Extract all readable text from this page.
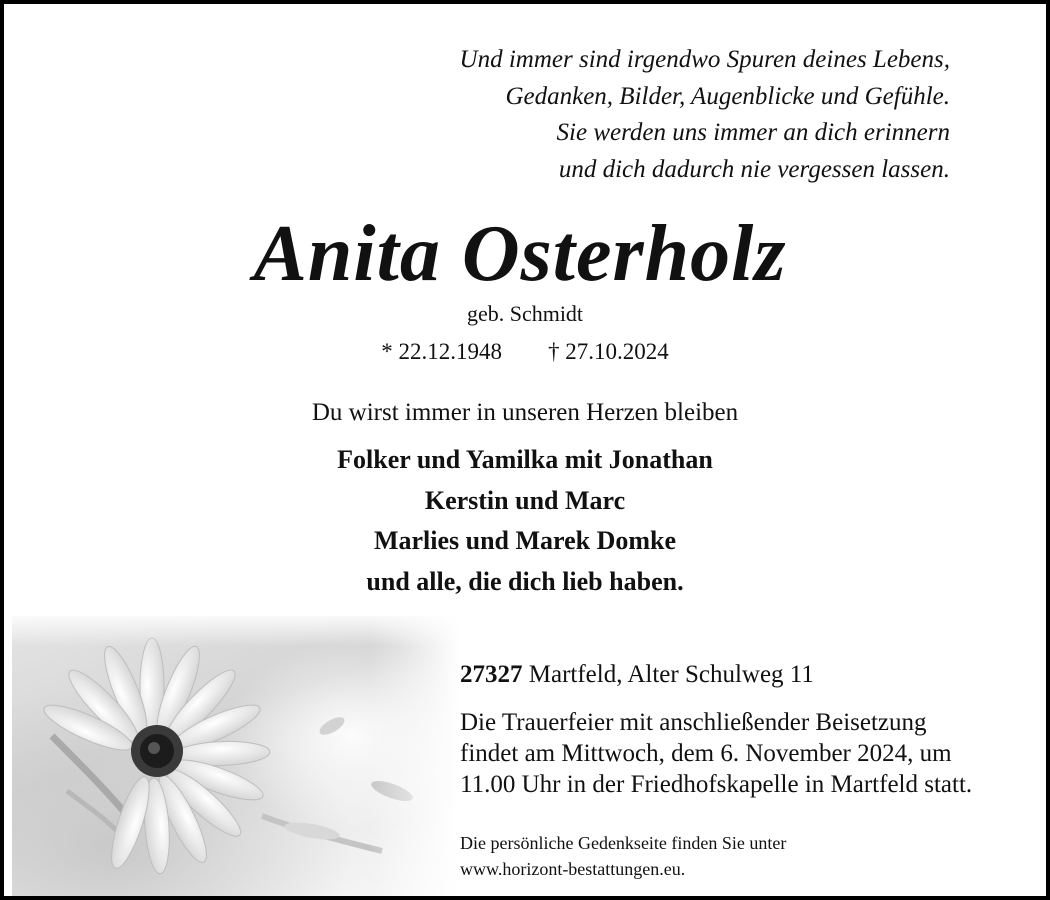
Und immer sind irgendwo Spuren deines Lebens,
Gedanken, Bilder, Augenblicke und Gefühle.
Sie werden uns immer an dich erinnern
und dich dadurch nie vergessen lassen.
Anita Osterholz
geb. Schmidt
* 22.12.1948 † 27.10.2024
Du wirst immer in unseren Herzen bleiben
Folker und Yamilka mit Jonathan
Kerstin und Marc
Marlies und Marek Domke
und alle, die dich lieb haben.
27327 Martfeld, Alter Schulweg 11
Die Trauerfeier mit anschließender Beisetzung
findet am Mittwoch, dem 6. November 2024, um
11.00 Uhr in der Friedhofskapelle in Martfeld statt.
Die persönliche Gedenkseite finden Sie unter
www.horizont-bestattungen.eu.
